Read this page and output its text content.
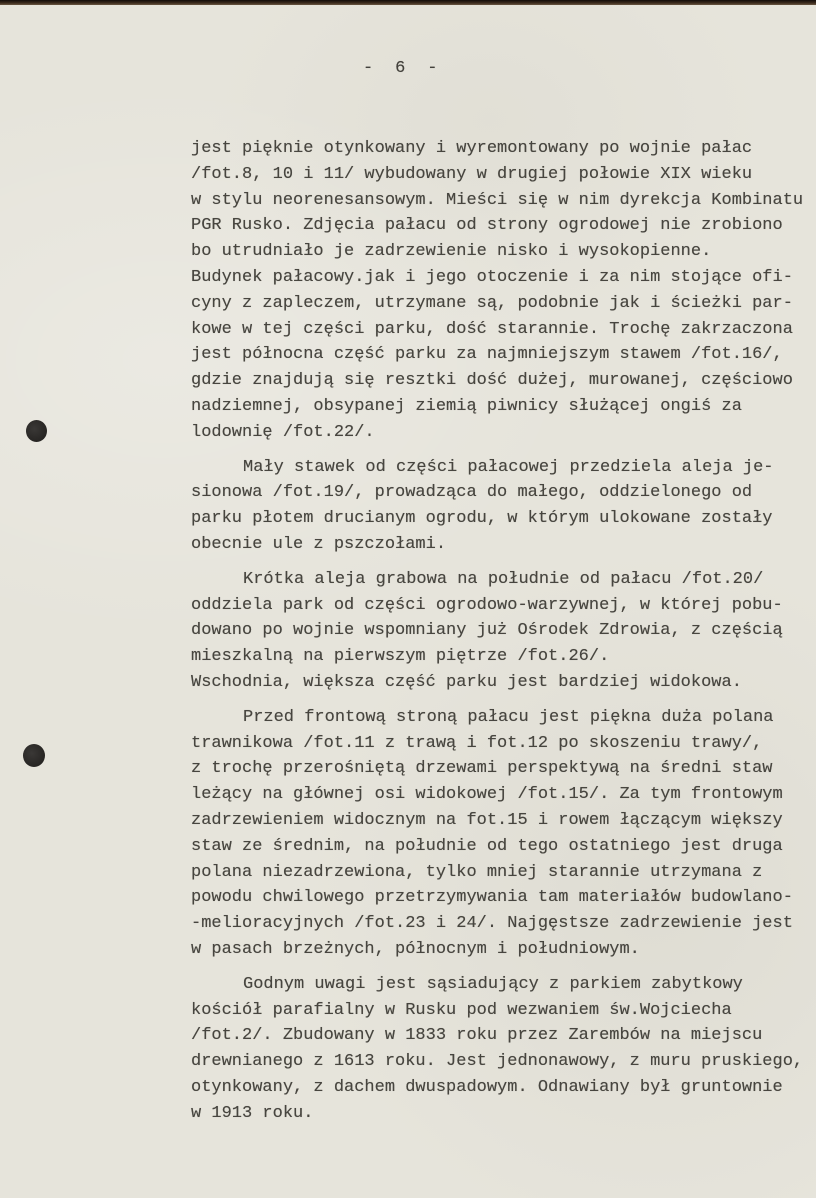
-  6  -
jest pięknie otynkowany i wyremontowany po wojnie pałac
/fot.8, 10 i 11/ wybudowany w drugiej połowie XIX wieku
w stylu neorenesansowym. Mieści się w nim dyrekcja Kombinatu
PGR Rusko. Zdjęcia pałacu od strony ogrodowej nie zrobiono
bo utrudniało je zadrzewienie nisko i wysokopienne.
Budynek pałacowy.jak i jego otoczenie i za nim stojące ofi-
cyny z zapleczem, utrzymane są, podobnie jak i ścieżki par-
kowe w tej części parku, dość starannie. Trochę zakrzaczona
jest północna część parku za najmniejszym stawem /fot.16/,
gdzie znajdują się resztki dość dużej, murowanej, częściowo
nadziemnej, obsypanej ziemią piwnicy służącej ongiś za
lodownię /fot.22/.
Mały stawek od części pałacowej przedziela aleja je-
sionowa /fot.19/, prowadząca do małego, oddzielonego od
parku płotem drucianym ogrodu, w którym ulokowane zostały
obecnie ule z pszczołami.
Krótka aleja grabowa na południe od pałacu /fot.20/
oddziela park od części ogrodowo-warzywnej, w której pobu-
dowano po wojnie wspomniany już Ośrodek Zdrowia, z częścią
mieszkalną na pierwszym piętrze /fot.26/.
Wschodnia, większa część parku jest bardziej widokowa.
Przed frontową stroną pałacu jest piękna duża polana
trawnikowa /fot.11 z trawą i fot.12 po skoszeniu trawy/,
z trochę przerośniętą drzewami perspektywą na średni staw
leżący na głównej osi widokowej /fot.15/. Za tym frontowym
zadrzewieniem widocznym na fot.15 i rowem łączącym większy
staw ze średnim, na południe od tego ostatniego jest druga
polana niezadrzewiona, tylko mniej starannie utrzymana z
powodu chwilowego przetrzymywania tam materiałów budowlano-
-melioracyjnych /fot.23 i 24/. Najgęstsze zadrzewienie jest
w pasach brzeżnych, północnym i południowym.
Godnym uwagi jest sąsiadujący z parkiem zabytkowy
kościół parafialny w Rusku pod wezwaniem św.Wojciecha
/fot.2/. Zbudowany w 1833 roku przez Zarembów na miejscu
drewnianego z 1613 roku. Jest jednonawowy, z muru pruskiego,
otynkowany, z dachem dwuspadowym. Odnawiany był gruntownie
w 1913 roku.
